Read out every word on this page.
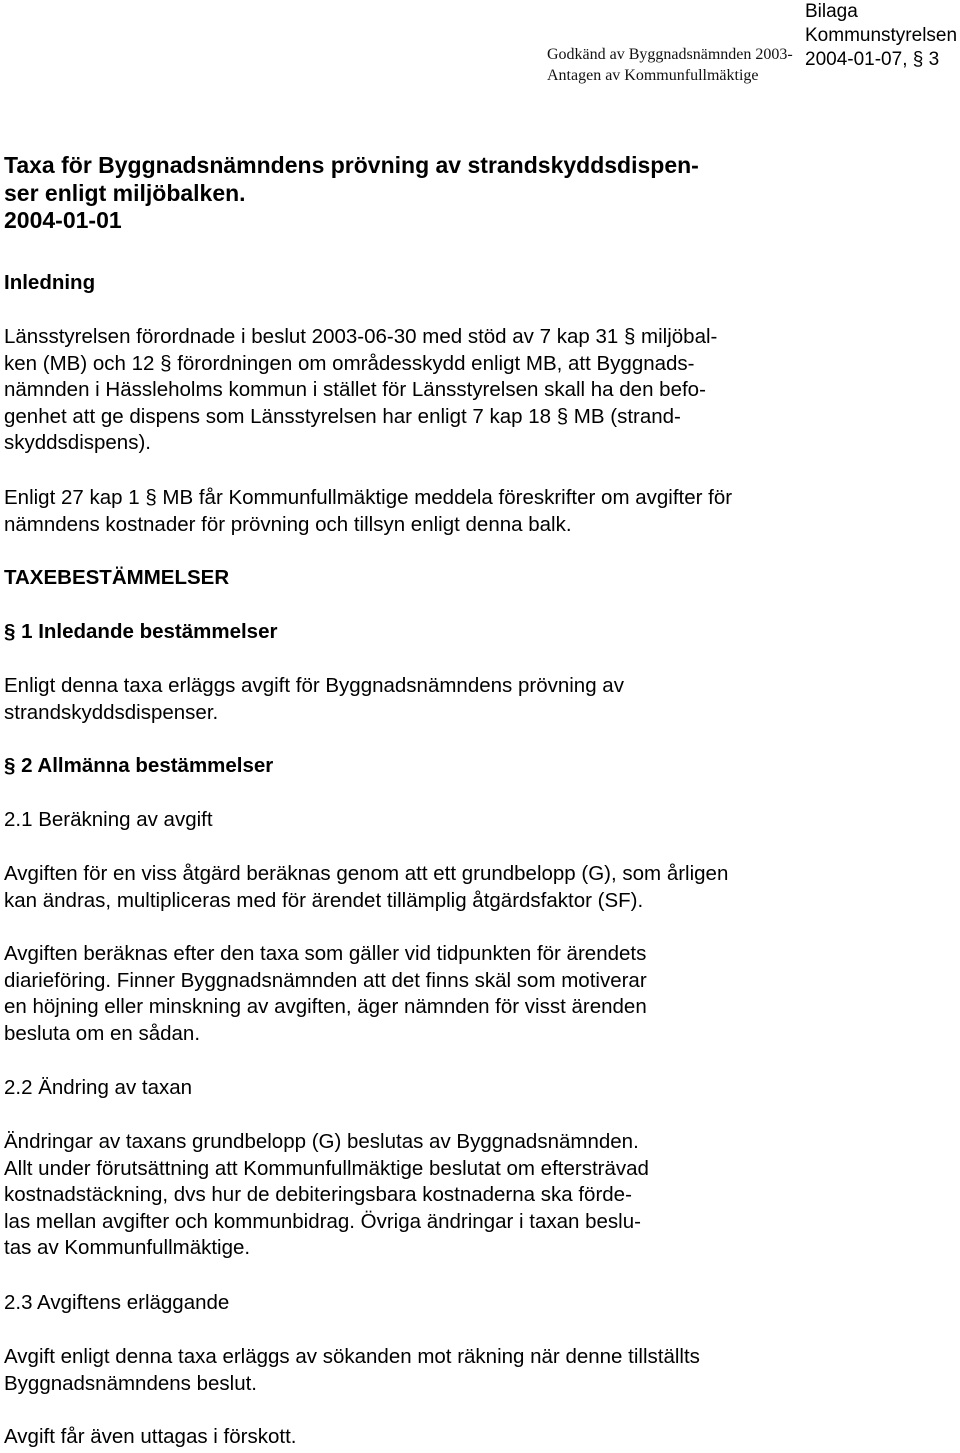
Godkänd av Byggnadsnämnden 2003-
Antagen av Kommunfullmäktige
Bilaga
Kommunstyrelsen
2004-01-07, § 3
Taxa för Byggnadsnämndens prövning av strandskyddsdispen-
ser enligt miljöbalken.
2004-01-01
Inledning
Länsstyrelsen förordnade i beslut 2003-06-30 med stöd av 7 kap 31 § miljöbal-
ken (MB) och 12 § förordningen om områdesskydd enligt MB, att Byggnads-
nämnden i Hässleholms kommun i stället för Länsstyrelsen skall ha den befo-
genhet att ge dispens som Länsstyrelsen har enligt 7 kap 18 § MB (strand-
skyddsdispens).
Enligt 27 kap 1 § MB får Kommunfullmäktige meddela föreskrifter om avgifter för
nämndens kostnader för prövning och tillsyn enligt denna balk.
TAXEBESTÄMMELSER
§ 1 Inledande bestämmelser
Enligt denna taxa erläggs avgift för Byggnadsnämndens prövning av
strandskyddsdispenser.
§ 2 Allmänna bestämmelser
2.1 Beräkning av avgift
Avgiften för en viss åtgärd beräknas genom att ett grundbelopp (G), som årligen
kan ändras, multipliceras med för ärendet tillämplig åtgärdsfaktor (SF).
Avgiften beräknas efter den taxa som gäller vid tidpunkten för ärendets
diarieföring. Finner Byggnadsnämnden att det finns skäl som motiverar
en höjning eller minskning av avgiften, äger nämnden för visst ärenden
besluta om en sådan.
2.2 Ändring av taxan
Ändringar av taxans grundbelopp (G) beslutas av Byggnadsnämnden.
Allt under förutsättning att Kommunfullmäktige beslutat om eftersträvad
kostnadstäckning, dvs hur de debiteringsbara kostnaderna ska förde-
las mellan avgifter och kommunbidrag. Övriga ändringar i taxan beslu-
tas av Kommunfullmäktige.
2.3 Avgiftens erläggande
Avgift enligt denna taxa erläggs av sökanden mot räkning när denne tillställts
Byggnadsnämndens beslut.
Avgift får även uttagas i förskott.
